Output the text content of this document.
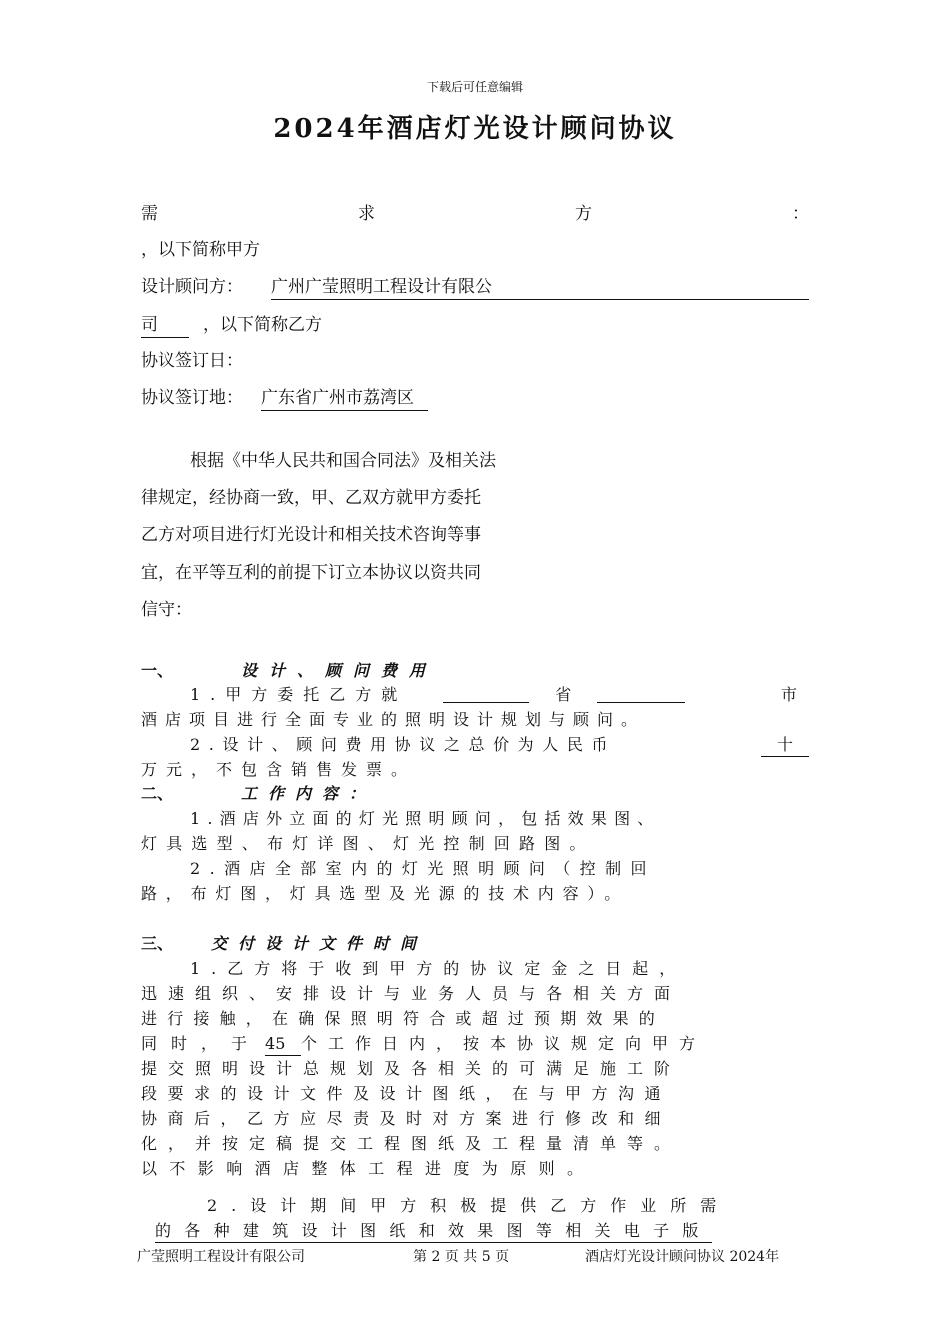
下载后可任意编辑
2024年酒店灯光设计顾问协议
需	求	方	：
，以下简称甲方
设计顾问方： 广州广莹照明工程设计有限公
司	，以下简称乙方
协议签订日：
协议签订地： 广东省广州市荔湾区
根据《中华人民共和国合同法》及相关法
律规定，经协商一致，甲、乙双方就甲方委托
乙方对项目进行灯光设计和相关技术咨询等事
宜，在平等互利的前提下订立本协议以资共同
信守：
一、	设计、顾问费用
1.甲方委托乙方就	省	市
酒店项目进行全面专业的照明设计规划与顾问。
2.设计、顾问费用协议之总价为人民币	十
万元，不包含销售发票。
二、	工作内容：
1.酒店外立面的灯光照明顾问，包括效果图、
灯具选型、布灯详图、灯光控制回路图。
2.酒店全部室内的灯光照明顾问（控制回
路，布灯图，灯具选型及光源的技术内容）。
三、	交付设计文件时间
1.乙方将于收到甲方的协议定金之日起，
迅速组织、安排设计与业务人员与各相关方面
进行接触，在确保照明符合或超过预期效果的
同时，于 45 个工作日内，按本协议规定向甲方
提交照明设计总规划及各相关的可满足施工阶
段要求的设计文件及设计图纸，在与甲方沟通
协商后，乙方应尽责及时对方案进行修改和细
化，并按定稿提交工程图纸及工程量清单等。
以不影响酒店整体工程进度为原则。
2.设计期间甲方积极提供乙方作业所需
的各种建筑设计图纸和效果图等相关电子版
广莹照明工程设计有限公司	第 2 页 共 5 页	酒店灯光设计顾问协议 2024年
